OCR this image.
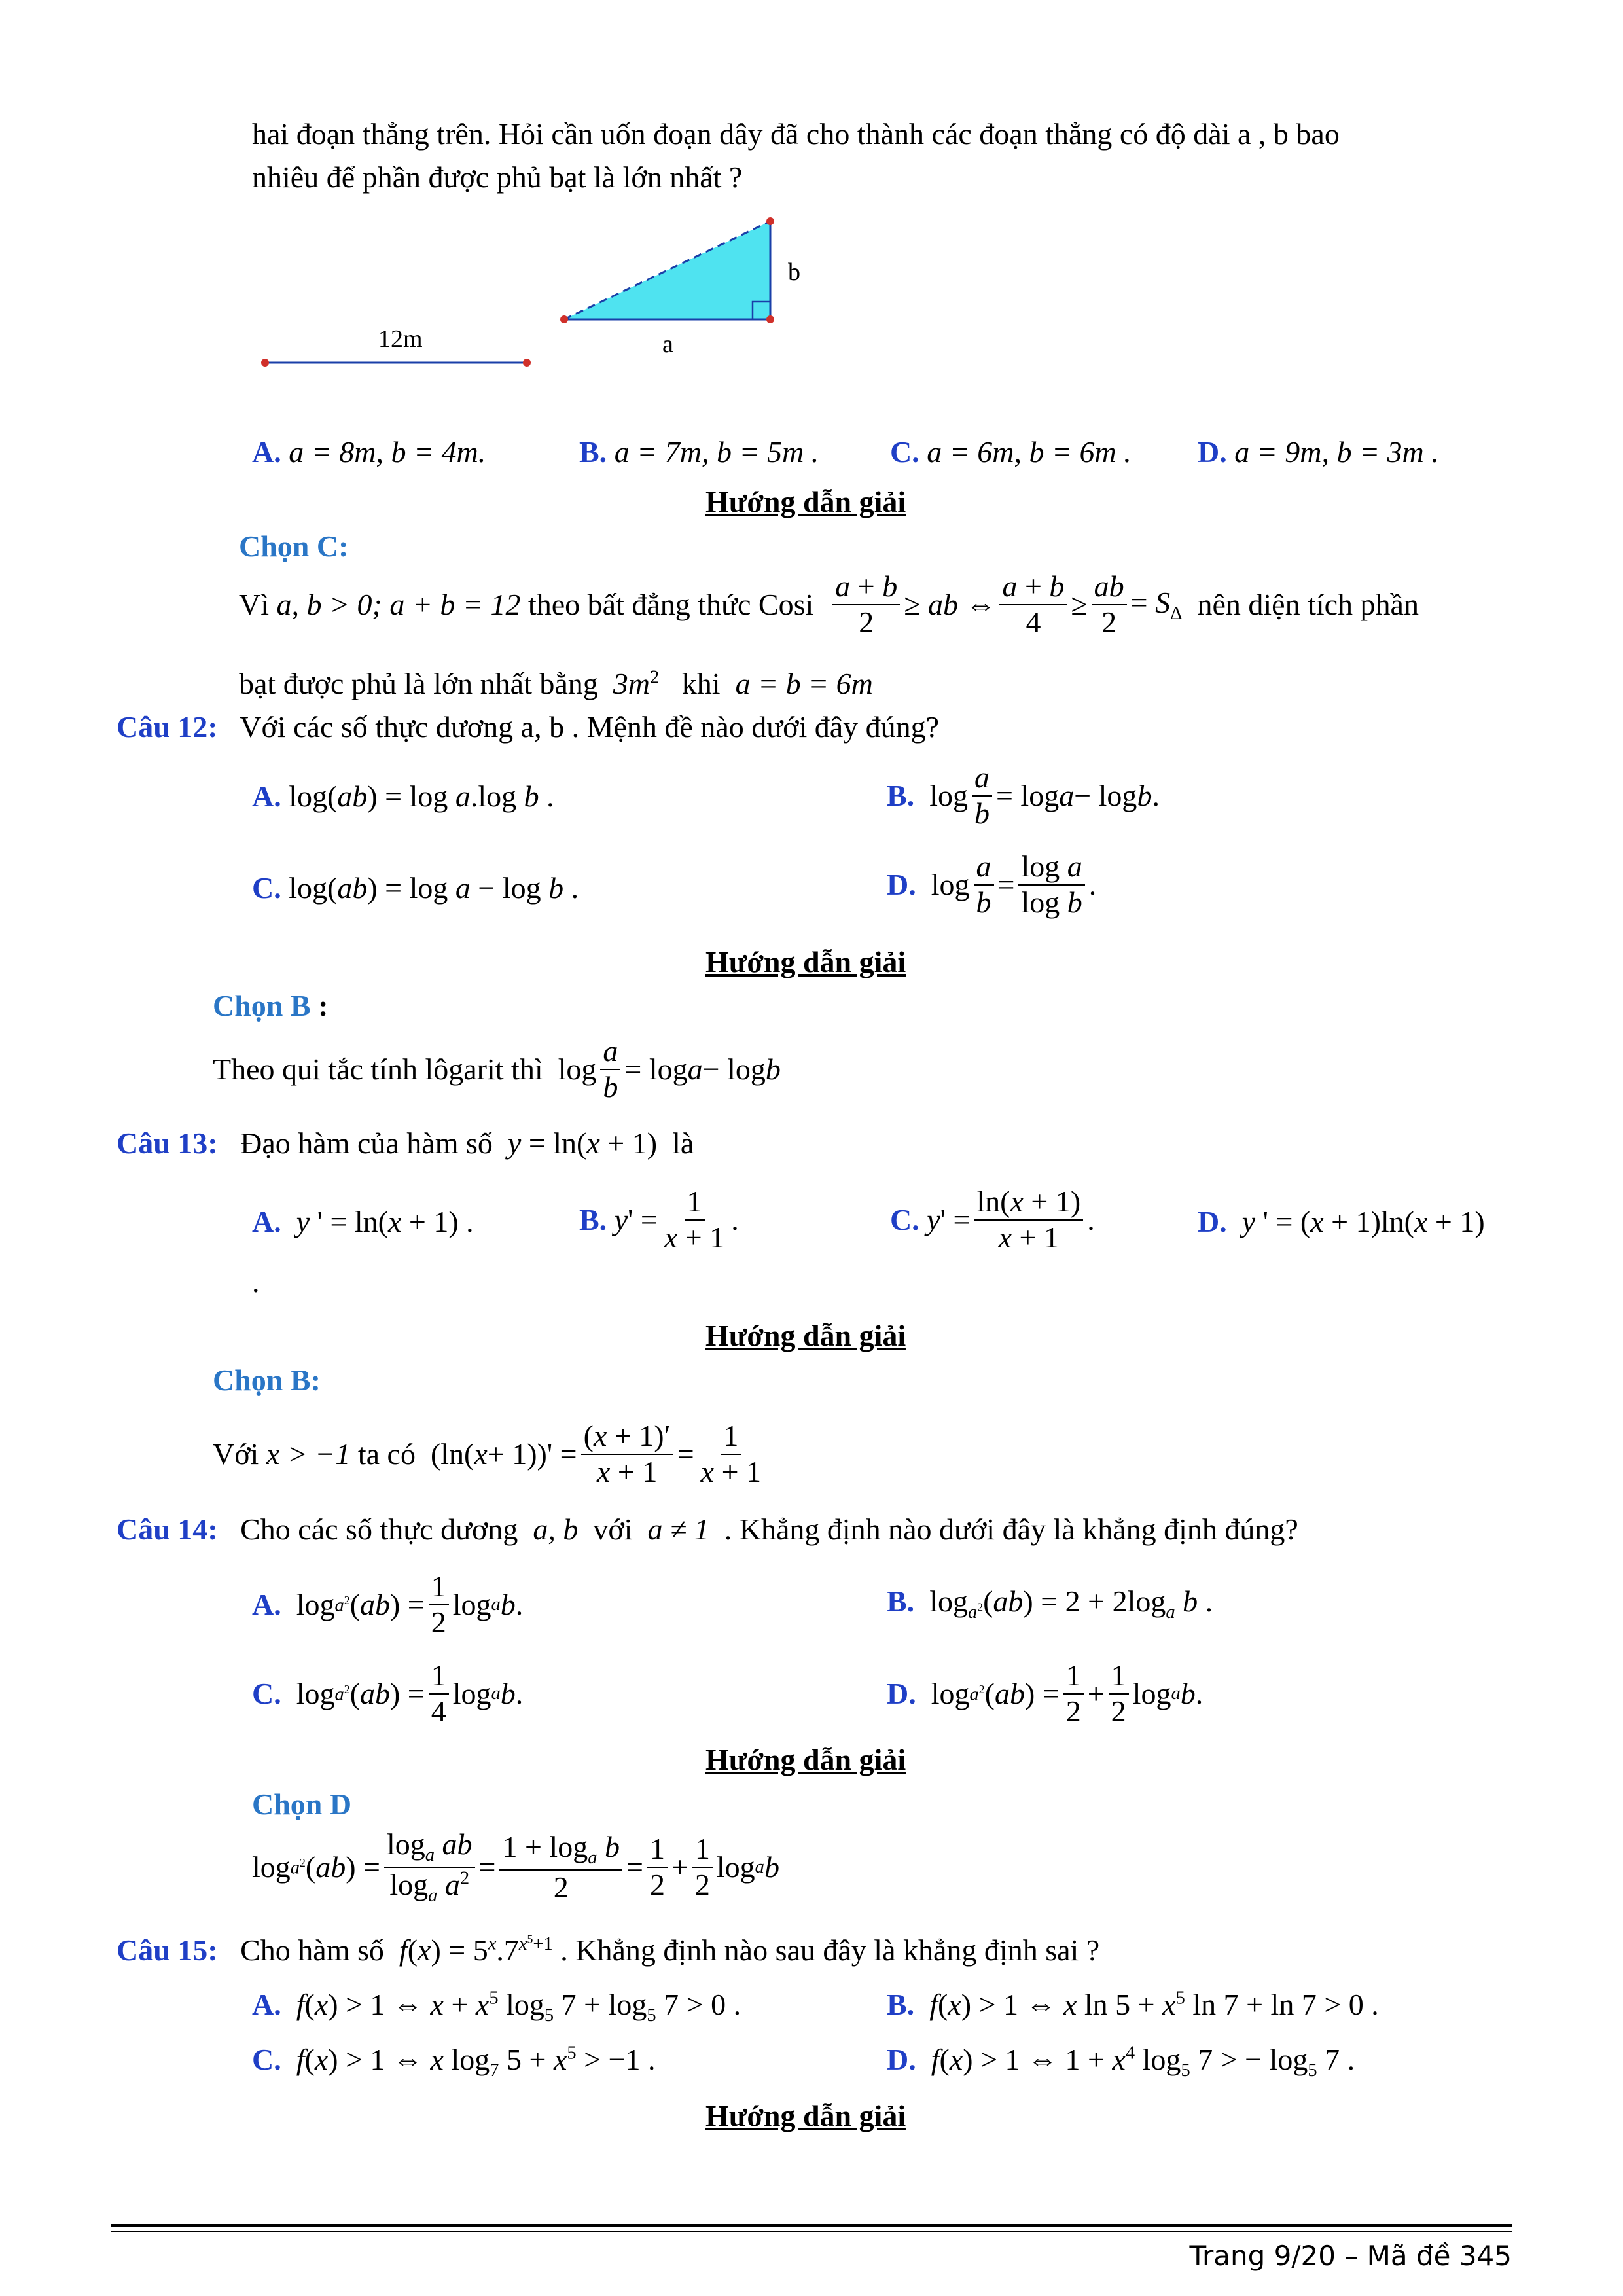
hai đoạn thẳng trên. Hỏi cần uốn đoạn dây đã cho thành các đoạn thẳng có độ dài a , b bao
nhiêu để phần được phủ bạt là lớn nhất ?
12m	a
b
A. a = 8m, b = 4m.	B. a = 7m, b = 5m . C. a = 6m, b = 6m . D. a = 9m, b = 3m .
Hướng dẫn giải
Chọn C:
Vì
a, b > 0; a + b = 12
theo bất đẳng thức Cosi
$\frac{a + b}{2}$ ≥ ab ⇔ $\frac{a + b}{4} \ge \frac{ab}{2} = S_\Delta$
nên diện tích phần
bạt được phủ là lớn nhất bằng $3m^2$ khi a = b = 6m
Câu 12: Với các số thực dương a, b . Mệnh đề nào dưới đây đúng?
A. log(ab) = log a.log b .	B. $\log \frac{a}{b} = \log a - \log b$ .
C. log(ab) = log a − log b .	D. $\log \frac{a}{b} = \frac{\text{log a}}{\text{log b}}$ .
Hướng dẫn giải
Chọn B :
Theo qui tắc tính lôgarit thì $\log \frac{a}{b} = \log a - \log b$
Câu 13: Đạo hàm của hàm số y = ln(x + 1)  là
A. y ' = ln(x + 1) .	B.
y ' = $\frac{1}{x + 1}$ .	C.
y ' = $\frac{\ln(x + 1)}{x + 1}$ .	D. y ' = (x + 1)ln(x + 1)
.
Hướng dẫn giải
Chọn B:
Với
x > −1
ta có (ln( $x + 1))' = \frac{(x + 1)'}{x + 1} = \frac{1}{x + 1}$
Câu 14: Cho các số thực dương a, b với a ≠ 1 . Khẳng định nào dưới đây là khẳng định đúng?
A. $\log a^2$ ( ab ) = $\frac{1}{2}$ log a b .	B.  $\log_{a^2}(ab) = 2 + 2\log_a$ b .
C. $\log a^2$ ( ab ) = $\frac{1}{4}$ log a b .	D. $\log a^2$ ( ab ) = $\frac{1}{2} + \frac{1}{2}$ log a b .
Hướng dẫn giải
Chọn D
$\log a^2$ ( ab ) = $\frac{\log_a ab}{\log_a a^2} = \frac{1 + \log_a b}{2} = \frac{1}{2} + \frac{1}{2}$ log a b
Câu 15: Cho hàm số $f(x) = 5^x.7^{x^5+1}$ . Khẳng định nào sau đây là khẳng định sai ?
A. f(x) > 1 ⇔ $x + x^5$ $\log_5 7 + \log_5 7 > 0$ .	B. f(x) > 1 ⇔ x $\ln 5 + x^5$ ln 7 + ln 7 > 0 .
C. f(x) > 1 ⇔ x $\log_7 5 + x^5 > -1$ .	D. f(x) > 1 ⇔ $1 + x^4$ $\log_5 7$ > − $\log_5 7$ .
Hướng dẫn giải
Trang 9/20 – Mã đề 345
